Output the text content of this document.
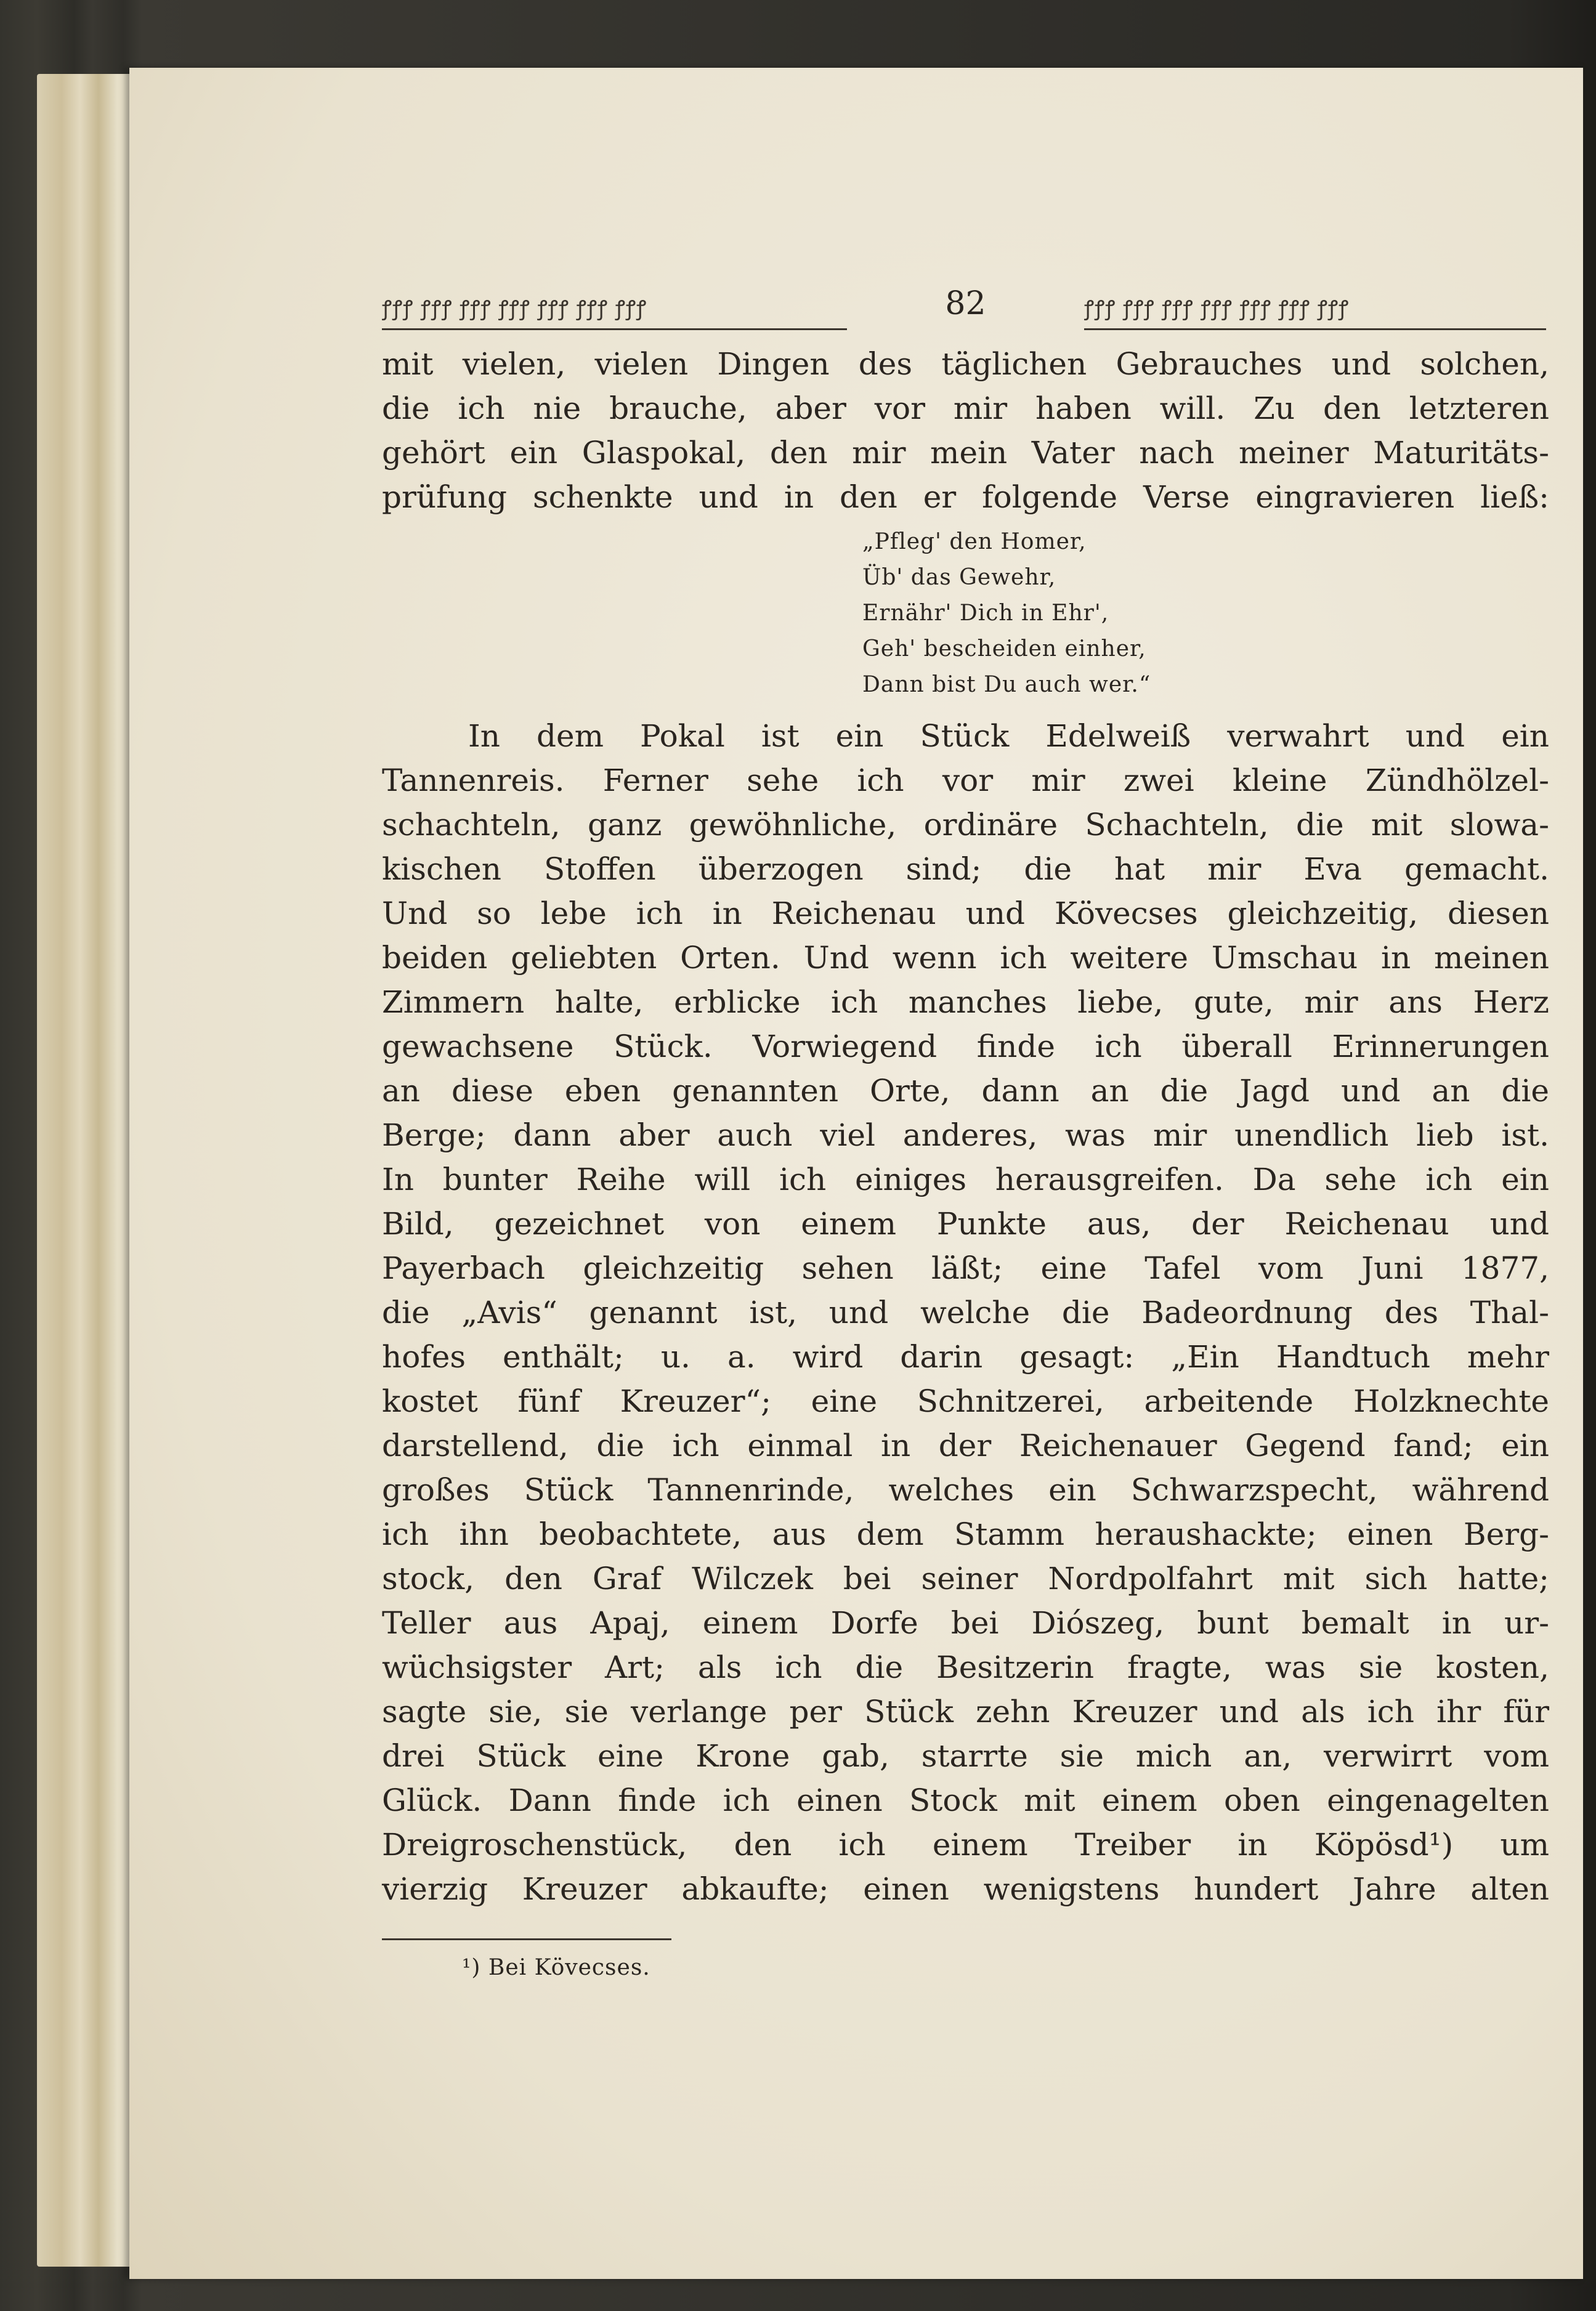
ꝭꝭꝭ ꝭꝭꝭ ꝭꝭꝭ ꝭꝭꝭ ꝭꝭꝭ ꝭꝭꝭ ꝭꝭꝭ	82	ꝭꝭꝭ ꝭꝭꝭ ꝭꝭꝭ ꝭꝭꝭ ꝭꝭꝭ ꝭꝭꝭ ꝭꝭꝭ
mit vielen, vielen Dingen des täglichen Gebrauches und solchen,
die ich nie brauche, aber vor mir haben will. Zu den letzteren
gehört ein Glaspokal, den mir mein Vater nach meiner Maturitäts-
prüfung schenkte und in den er folgende Verse eingravieren ließ:
„Pfleg' den Homer,
Üb' das Gewehr,
Ernähr' Dich in Ehr',
Geh' bescheiden einher,
Dann bist Du auch wer.“
In dem Pokal ist ein Stück Edelweiß verwahrt und ein
Tannenreis. Ferner sehe ich vor mir zwei kleine Zündhölzel-
schachteln, ganz gewöhnliche, ordinäre Schachteln, die mit slowa-
kischen Stoffen überzogen sind; die hat mir Eva gemacht.
Und so lebe ich in Reichenau und Kövecses gleichzeitig, diesen
beiden geliebten Orten. Und wenn ich weitere Umschau in meinen
Zimmern halte, erblicke ich manches liebe, gute, mir ans Herz
gewachsene Stück. Vorwiegend finde ich überall Erinnerungen
an diese eben genannten Orte, dann an die Jagd und an die
Berge; dann aber auch viel anderes, was mir unendlich lieb ist.
In bunter Reihe will ich einiges herausgreifen. Da sehe ich ein
Bild, gezeichnet von einem Punkte aus, der Reichenau und
Payerbach gleichzeitig sehen läßt; eine Tafel vom Juni 1877,
die „Avis“ genannt ist, und welche die Badeordnung des Thal-
hofes enthält; u. a. wird darin gesagt: „Ein Handtuch mehr
kostet fünf Kreuzer“; eine Schnitzerei, arbeitende Holzknechte
darstellend, die ich einmal in der Reichenauer Gegend fand; ein
großes Stück Tannenrinde, welches ein Schwarzspecht, während
ich ihn beobachtete, aus dem Stamm heraushackte; einen Berg-
stock, den Graf Wilczek bei seiner Nordpolfahrt mit sich hatte;
Teller aus Apaj, einem Dorfe bei Diószeg, bunt bemalt in ur-
wüchsigster Art; als ich die Besitzerin fragte, was sie kosten,
sagte sie, sie verlange per Stück zehn Kreuzer und als ich ihr für
drei Stück eine Krone gab, starrte sie mich an, verwirrt vom
Glück. Dann finde ich einen Stock mit einem oben eingenagelten
Dreigroschenstück, den ich einem Treiber in Köpösd¹) um
vierzig Kreuzer abkaufte; einen wenigstens hundert Jahre alten
¹) Bei Kövecses.
